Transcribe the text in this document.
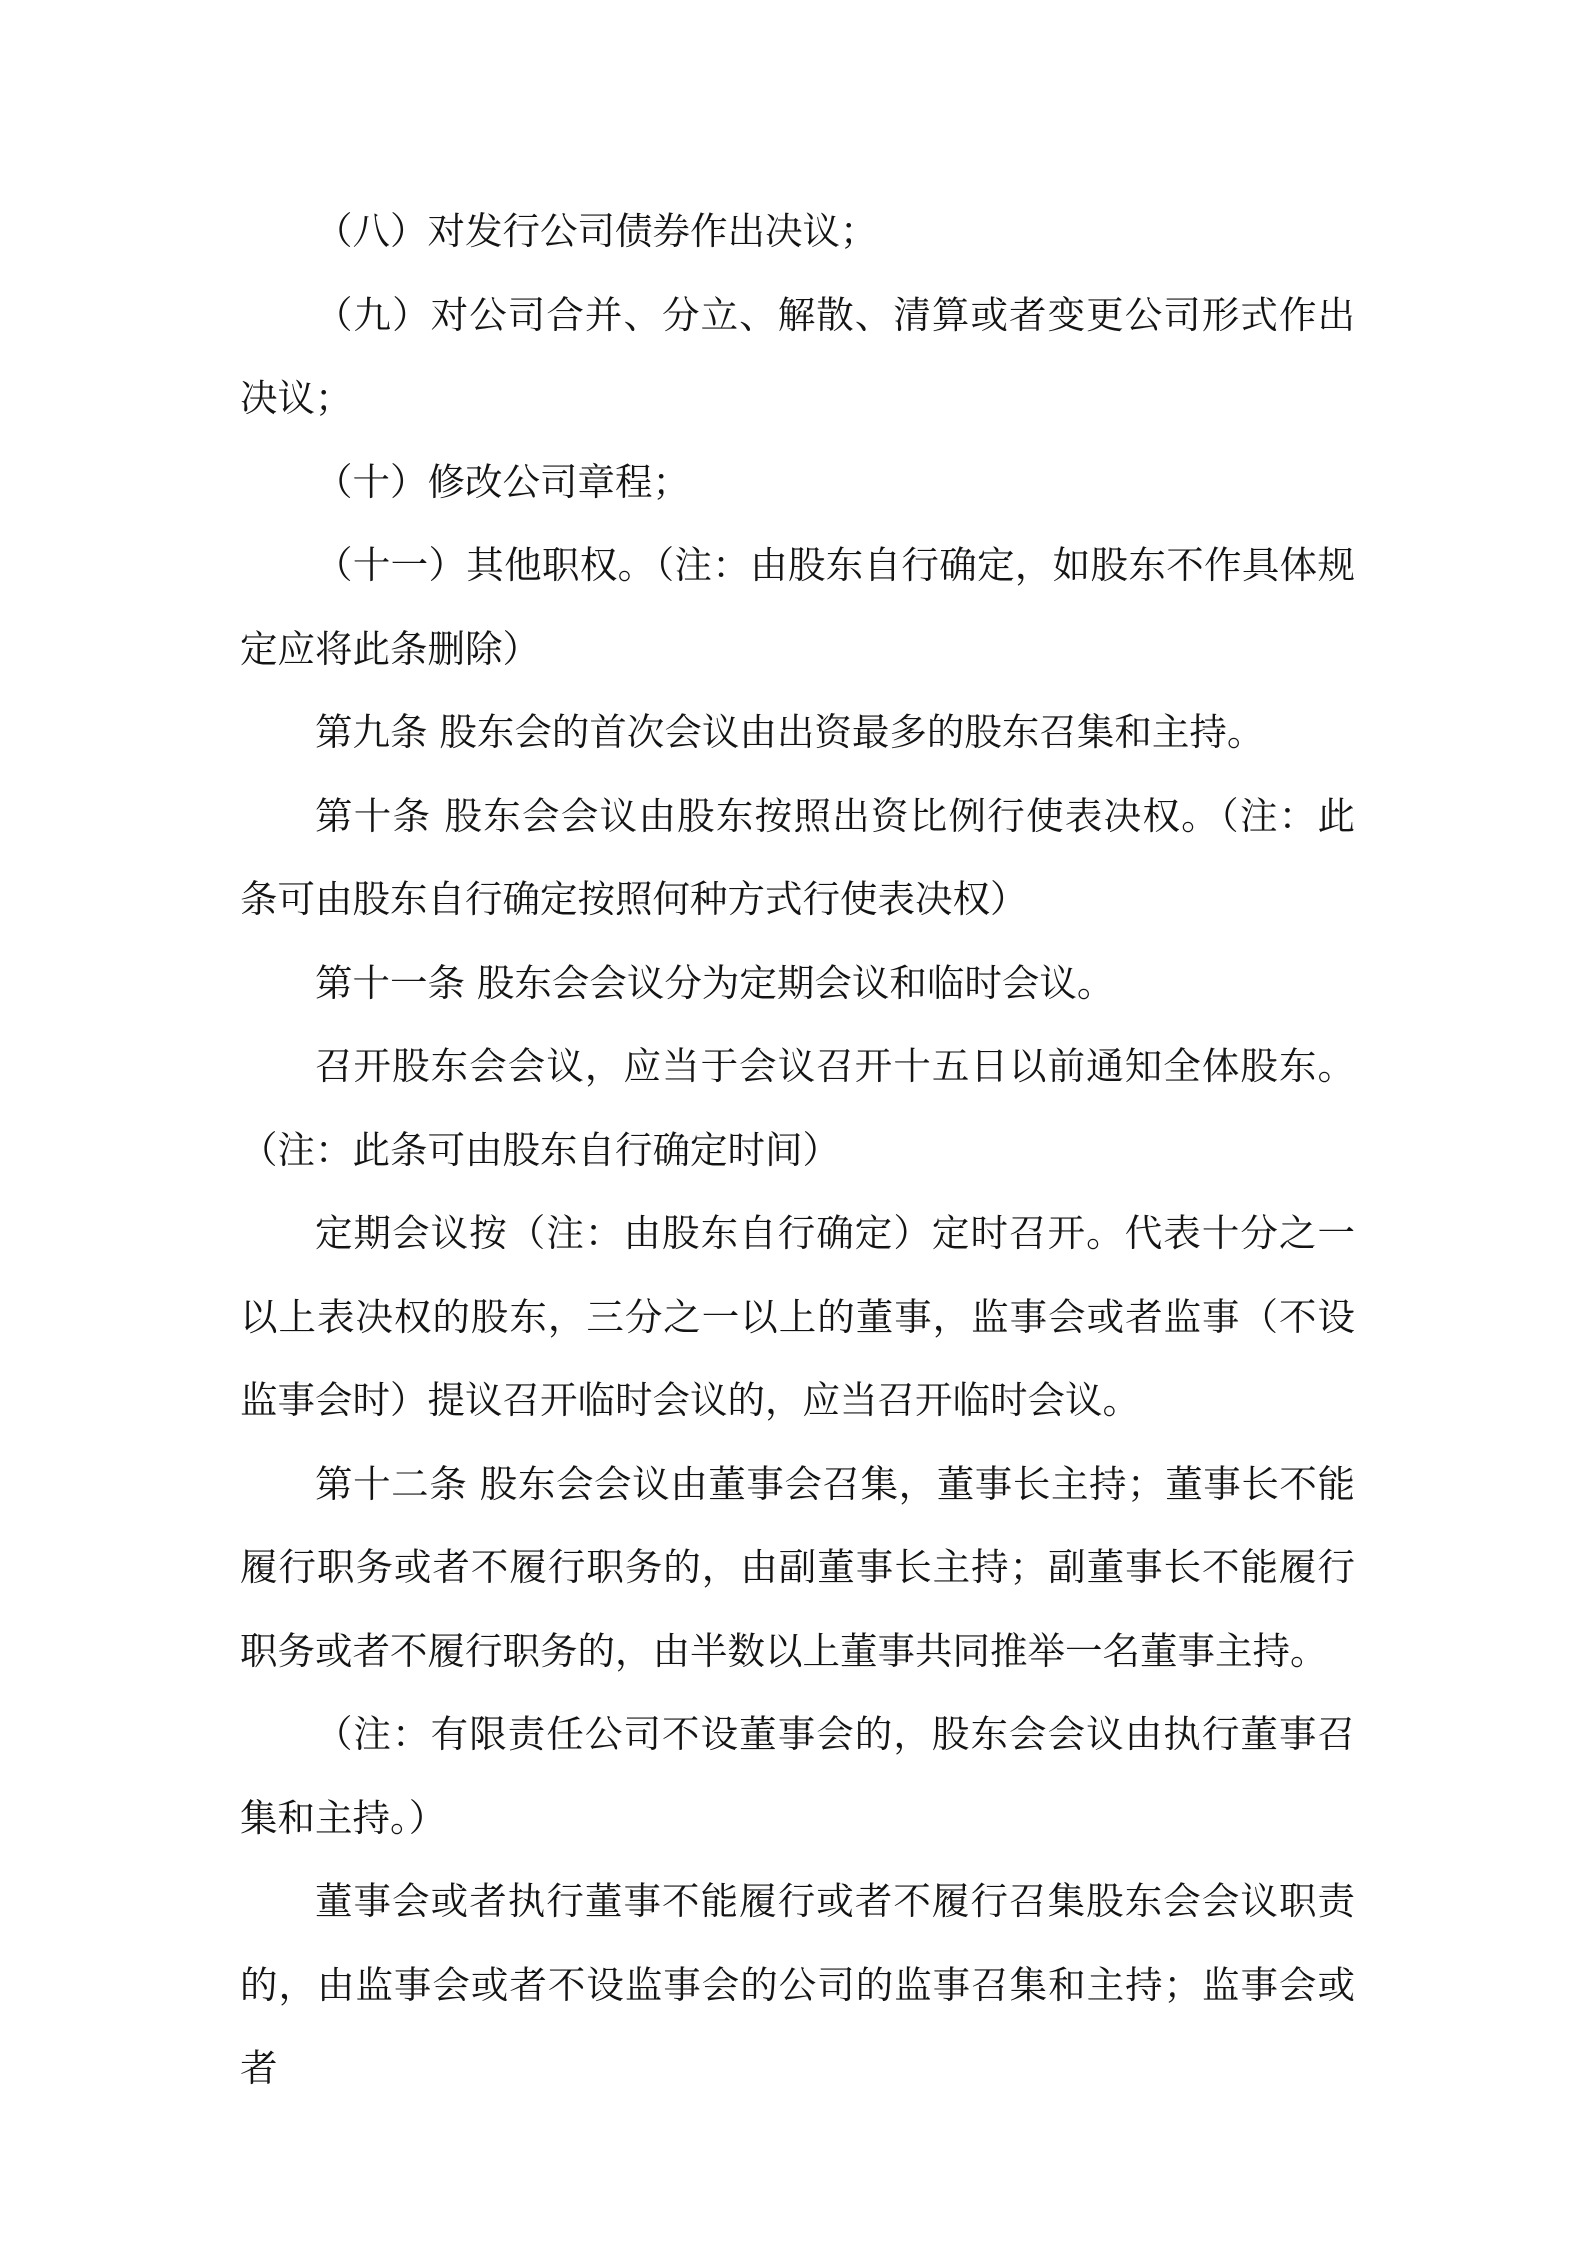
（八）对发行公司债券作出决议；

（九）对公司合并、分立、解散、清算或者变更公司形式作出决议；

（十）修改公司章程；

（十一）其他职权。（注：由股东自行确定，如股东不作具体规定应将此条删除）

第九条 股东会的首次会议由出资最多的股东召集和主持。

第十条 股东会会议由股东按照出资比例行使表决权。（注：此条可由股东自行确定按照何种方式行使表决权）

第十一条 股东会会议分为定期会议和临时会议。

召开股东会会议，应当于会议召开十五日以前通知全体股东。（注：此条可由股东自行确定时间）

定期会议按（注：由股东自行确定）定时召开。代表十分之一以上表决权的股东，三分之一以上的董事，监事会或者监事（不设监事会时）提议召开临时会议的，应当召开临时会议。

第十二条 股东会会议由董事会召集，董事长主持；董事长不能履行职务或者不履行职务的，由副董事长主持；副董事长不能履行职务或者不履行职务的，由半数以上董事共同推举一名董事主持。

（注：有限责任公司不设董事会的，股东会会议由执行董事召集和主持。）

董事会或者执行董事不能履行或者不履行召集股东会会议职责的，由监事会或者不设监事会的公司的监事召集和主持；监事会或者
